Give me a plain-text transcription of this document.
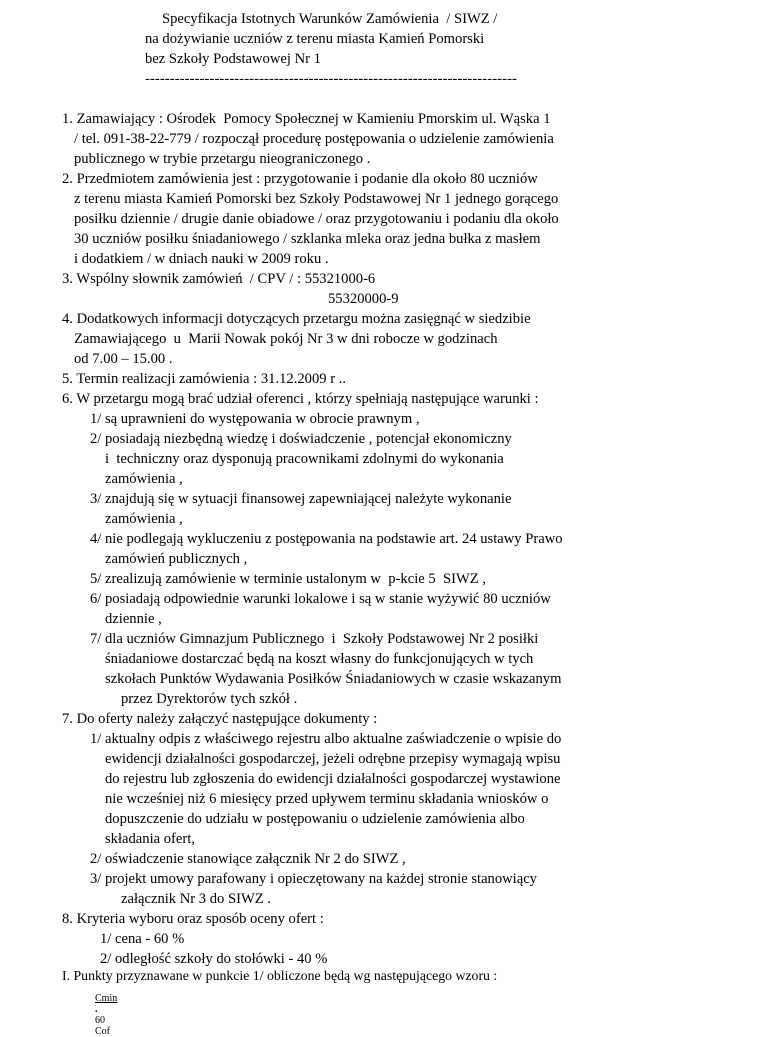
Specyfikacja Istotnych Warunków Zamówienia  / SIWZ /
na dożywianie uczniów z terenu miasta Kamień Pomorski
bez Szkoły Podstawowej Nr 1
---------------------------------------------------------------------------
1. Zamawiający : Ośrodek  Pomocy Społecznej w Kamieniu Pmorskim ul. Wąska 1
/ tel. 091-38-22-779 / rozpoczął procedurę postępowania o udzielenie zamówienia
publicznego w trybie przetargu nieograniczonego .
2. Przedmiotem zamówienia jest : przygotowanie i podanie dla około 80 uczniów
z terenu miasta Kamień Pomorski bez Szkoły Podstawowej Nr 1 jednego gorącego
posiłku dziennie / drugie danie obiadowe / oraz przygotowaniu i podaniu dla około
30 uczniów posiłku śniadaniowego / szklanka mleka oraz jedna bułka z masłem
i dodatkiem / w dniach nauki w 2009 roku .
3. Wspólny słownik zamówień  / CPV / : 55321000-6
55320000-9
4. Dodatkowych informacji dotyczących przetargu można zasięgnąć w siedzibie
Zamawiającego  u  Marii Nowak pokój Nr 3 w dni robocze w godzinach
od 7.00 – 15.00 .
5. Termin realizacji zamówienia : 31.12.2009 r ..
6. W przetargu mogą brać udział oferenci , którzy spełniają następujące warunki :
1/ są uprawnieni do występowania w obrocie prawnym ,
2/ posiadają niezbędną wiedzę i doświadczenie , potencjał ekonomiczny
i  techniczny oraz dysponują pracownikami zdolnymi do wykonania
zamówienia ,
3/ znajdują się w sytuacji finansowej zapewniającej należyte wykonanie
zamówienia ,
4/ nie podlegają wykluczeniu z postępowania na podstawie art. 24 ustawy Prawo
zamówień publicznych ,
5/ zrealizują zamówienie w terminie ustalonym w  p-kcie 5  SIWZ ,
6/ posiadają odpowiednie warunki lokalowe i są w stanie wyżywić 80 uczniów
dziennie ,
7/ dla uczniów Gimnazjum Publicznego  i  Szkoły Podstawowej Nr 2 posiłki
śniadaniowe dostarczać będą na koszt własny do funkcjonujących w tych
szkołach Punktów Wydawania Posiłków Śniadaniowych w czasie wskazanym
przez Dyrektorów tych szkół .
7. Do oferty należy załączyć następujące dokumenty :
1/ aktualny odpis z właściwego rejestru albo aktualne zaświadczenie o wpisie do
ewidencji działalności gospodarczej, jeżeli odrębne przepisy wymagają wpisu
do rejestru lub zgłoszenia do ewidencji działalności gospodarczej wystawione
nie wcześniej niż 6 miesięcy przed upływem terminu składania wniosków o
dopuszczenie do udziału w postępowaniu o udzielenie zamówienia albo
składania ofert,
2/ oświadczenie stanowiące załącznik Nr 2 do SIWZ ,
3/ projekt umowy parafowany i opieczętowany na każdej stronie stanowiący
załącznik Nr 3 do SIWZ .
8. Kryteria wyboru oraz sposób oceny ofert :
1/ cena - 60 %
2/ odległość szkoły do stołówki - 40 %
I. Punkty przyznawane w punkcie 1/ obliczone będą wg następującego wzoru :

Cmin
.
60
Cof
